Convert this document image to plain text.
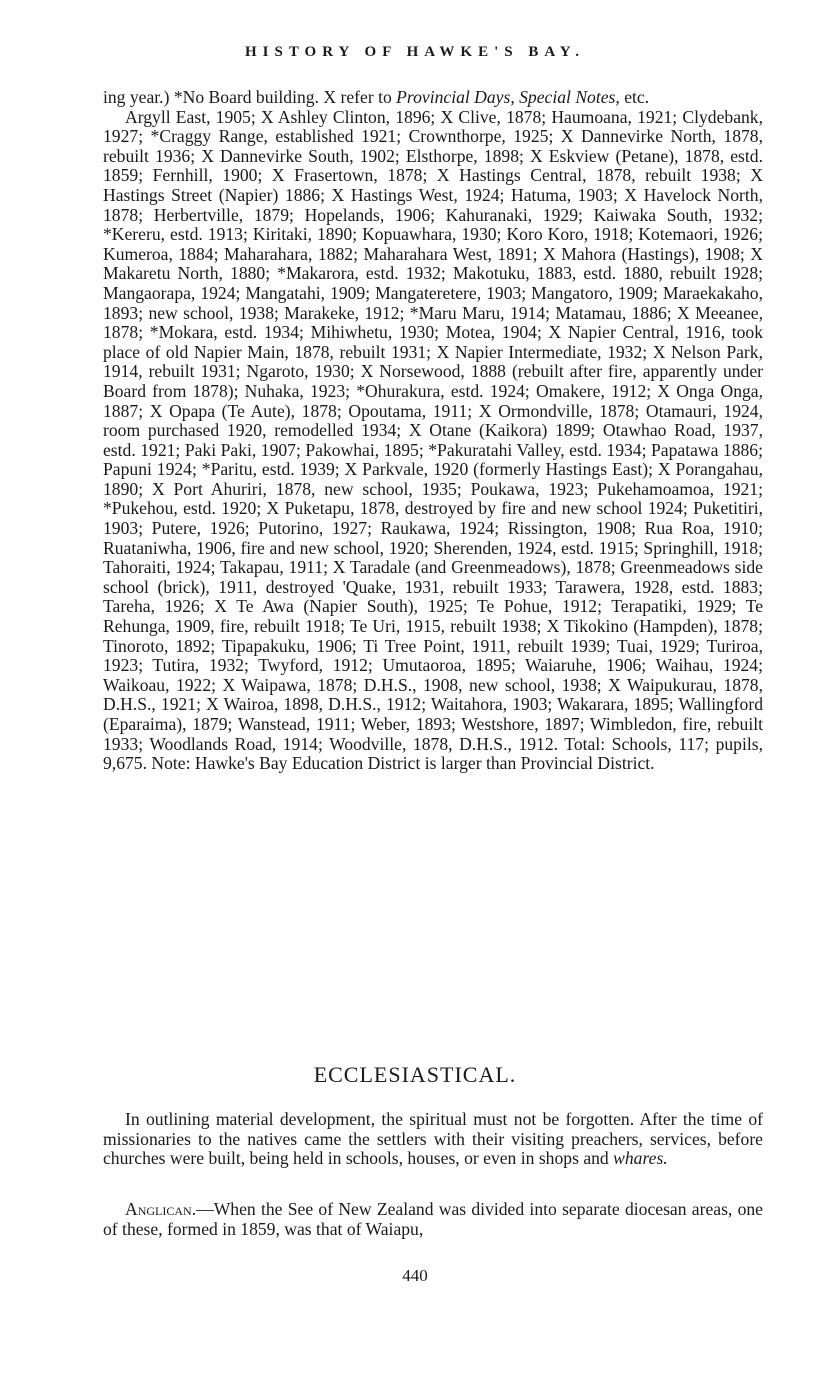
HISTORY OF HAWKE'S BAY.

ing year.) *No Board building. X refer to Provincial Days, Special Notes, etc.

Argyll East, 1905; X Ashley Clinton, 1896; X Clive, 1878; Haumoana, 1921; Clydebank, 1927; *Craggy Range, established 1921; Crownthorpe, 1925; X Dannevirke North, 1878, rebuilt 1936; X Dannevirke South, 1902; Elsthorpe, 1898; X Eskview (Petane), 1878, estd. 1859; Fernhill, 1900; X Frasertown, 1878; X Hastings Central, 1878, rebuilt 1938; X Hastings Street (Napier) 1886; X Hastings West, 1924; Hatuma, 1903; X Havelock North, 1878; Herbertville, 1879; Hopelands, 1906; Kahuranaki, 1929; Kaiwaka South, 1932; *Kereru, estd. 1913; Kiritaki, 1890; Kopuawhara, 1930; Koro Koro, 1918; Kotemaori, 1926; Kumeroa, 1884; Maharahara, 1882; Maharahara West, 1891; X Mahora (Hastings), 1908; X Makaretu North, 1880; *Makarora, estd. 1932; Makotuku, 1883, estd. 1880, rebuilt 1928; Mangaorapa, 1924; Mangatahi, 1909; Mangateretere, 1903; Mangatoro, 1909; Maraekakaho, 1893; new school, 1938; Marakeke, 1912; *Maru Maru, 1914; Matamau, 1886; X Meeanee, 1878; *Mokara, estd. 1934; Mihiwhetu, 1930; Motea, 1904; X Napier Central, 1916, took place of old Napier Main, 1878, rebuilt 1931; X Napier Intermediate, 1932; X Nelson Park, 1914, rebuilt 1931; Ngaroto, 1930; X Norsewood, 1888 (rebuilt after fire, apparently under Board from 1878); Nuhaka, 1923; *Ohurakura, estd. 1924; Omakere, 1912; X Onga Onga, 1887; X Opapa (Te Aute), 1878; Opoutama, 1911; X Ormondville, 1878; Otamauri, 1924, room purchased 1920, remodelled 1934; X Otane (Kaikora) 1899; Otawhao Road, 1937, estd. 1921; Paki Paki, 1907; Pakowhai, 1895; *Pakuratahi Valley, estd. 1934; Papatawa 1886; Papuni 1924; *Paritu, estd. 1939; X Parkvale, 1920 (formerly Hastings East); X Porangahau, 1890; X Port Ahuriri, 1878, new school, 1935; Poukawa, 1923; Pukehamoamoa, 1921; *Pukehou, estd. 1920; X Puketapu, 1878, destroyed by fire and new school 1924; Puketitiri, 1903; Putere, 1926; Putorino, 1927; Raukawa, 1924; Rissington, 1908; Rua Roa, 1910; Ruataniwha, 1906, fire and new school, 1920; Sherenden, 1924, estd. 1915; Springhill, 1918; Tahoraiti, 1924; Takapau, 1911; X Taradale (and Greenmeadows), 1878; Greenmeadows side school (brick), 1911, destroyed 'Quake, 1931, rebuilt 1933; Tarawera, 1928, estd. 1883; Tareha, 1926; X Te Awa (Napier South), 1925; Te Pohue, 1912; Terapatiki, 1929; Te Rehunga, 1909, fire, rebuilt 1918; Te Uri, 1915, rebuilt 1938; X Tikokino (Hampden), 1878; Tinoroto, 1892; Tipapakuku, 1906; Ti Tree Point, 1911, rebuilt 1939; Tuai, 1929; Turiroa, 1923; Tutira, 1932; Twyford, 1912; Umutaoroa, 1895; Waiaruhe, 1906; Waihau, 1924; Waikoau, 1922; X Waipawa, 1878; D.H.S., 1908, new school, 1938; X Waipukurau, 1878, D.H.S., 1921; X Wairoa, 1898, D.H.S., 1912; Waitahora, 1903; Wakarara, 1895; Wallingford (Eparaima), 1879; Wanstead, 1911; Weber, 1893; Westshore, 1897; Wimbledon, fire, rebuilt 1933; Woodlands Road, 1914; Woodville, 1878, D.H.S., 1912. Total: Schools, 117; pupils, 9,675. Note: Hawke's Bay Education District is larger than Provincial District.

ECCLESIASTICAL.

In outlining material development, the spiritual must not be forgotten. After the time of missionaries to the natives came the settlers with their visiting preachers, services, before churches were built, being held in schools, houses, or even in shops and whares.

Anglican.—When the See of New Zealand was divided into separate diocesan areas, one of these, formed in 1859, was that of Waiapu,

440
